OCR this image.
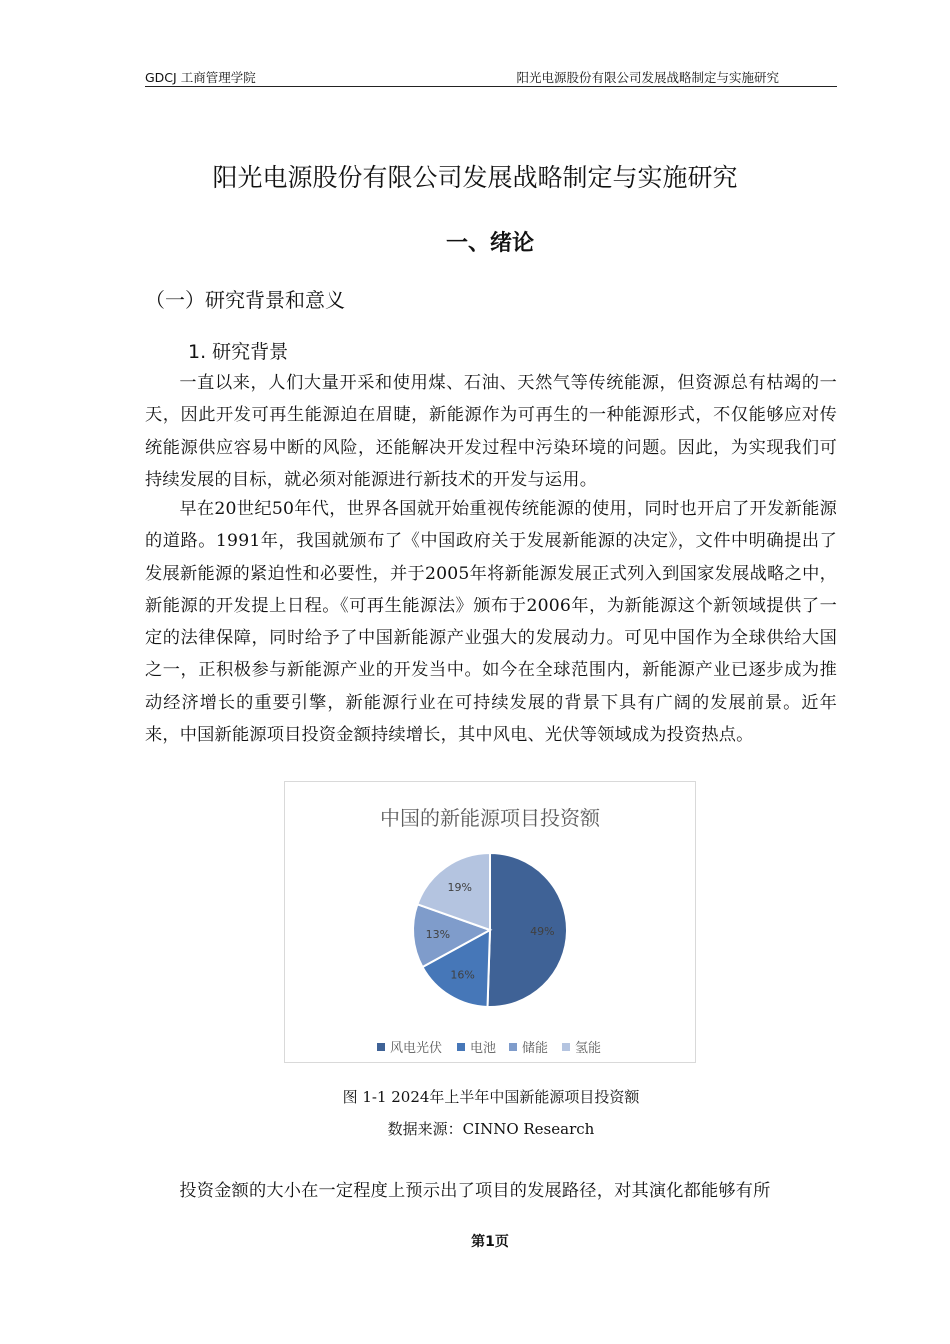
GDCJ 工商管理学院	阳光电源股份有限公司发展战略制定与实施研究
阳光电源股份有限公司发展战略制定与实施研究
一、绪论
（一）研究背景和意义
1. 研究背景

一直以来，人们大量开采和使用煤、石油、天然气等传统能源，但资源总有枯竭的一天，因此开发可再生能源迫在眉睫，新能源作为可再生的一种能源形式，不仅能够应对传统能源供应容易中断的风险，还能解决开发过程中污染环境的问题。因此，为实现我们可持续发展的目标，就必须对能源进行新技术的开发与运用。

早在20世纪50年代，世界各国就开始重视传统能源的使用，同时也开启了开发新能源的道路。1991年，我国就颁布了《中国政府关于发展新能源的决定》，文件中明确提出了发展新能源的紧迫性和必要性，并于2005年将新能源发展正式列入到国家发展战略之中，新能源的开发提上日程。《可再生能源法》颁布于2006年，为新能源这个新领域提供了一定的法律保障，同时给予了中国新能源产业强大的发展动力。可见中国作为全球供给大国之一，正积极参与新能源产业的开发当中。如今在全球范围内，新能源产业已逐步成为推动经济增长的重要引擎，新能源行业在可持续发展的背景下具有广阔的发展前景。近年来，中国新能源项目投资金额持续增长，其中风电、光伏等领域成为投资热点。

中国的新能源项目投资额
49%
16%
13%
19%
风电光伏 电池 储能 氢能
图 1-1 2024年上半年中国新能源项目投资额
数据来源：CINNO Research

投资金额的大小在一定程度上预示出了项目的发展路径，对其演化都能够有所

第1页
